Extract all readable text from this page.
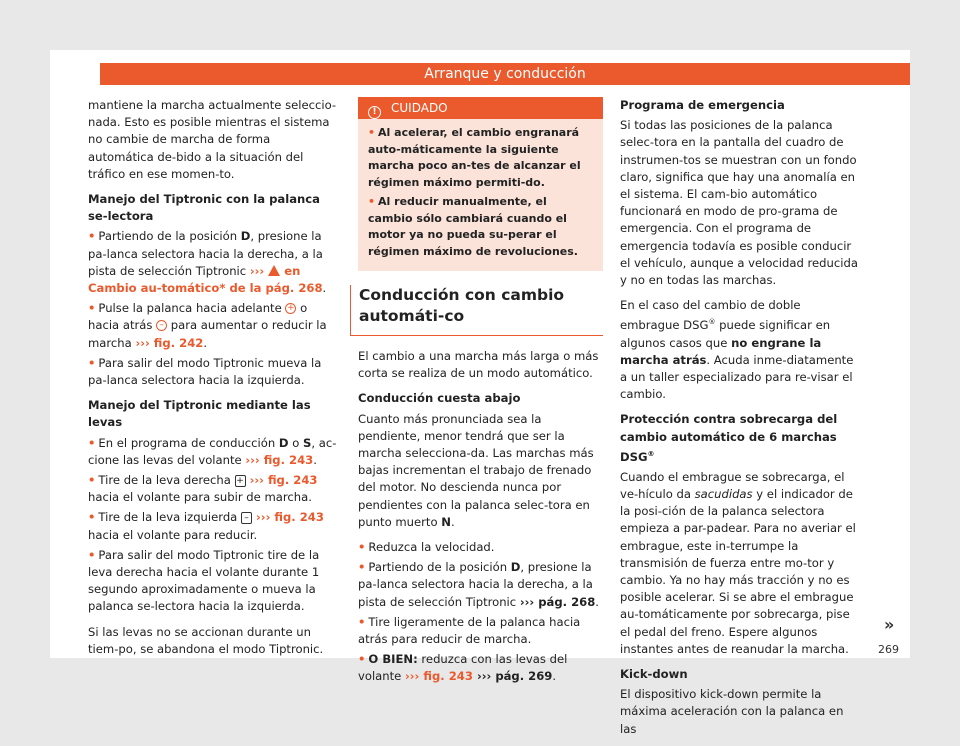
Arranque y conducción

mantiene la marcha actualmente seleccio-nada. Esto es posible mientras el sistema no cambie de marcha de forma automática de-bido a la situación del tráfico en ese momen-to.

Manejo del Tiptronic con la palanca se-lectora
• Partiendo de la posición D, presione la pa-lanca selectora hacia la derecha, a la pista de selección Tiptronic ›››  en Cambio au-tomático* de la pág. 268.
• Pulse la palanca hacia adelante + o hacia atrás – para aumentar o reducir la marcha ››› fig. 242.
• Para salir del modo Tiptronic mueva la pa-lanca selectora hacia la izquierda.
Manejo del Tiptronic mediante las levas
• En el programa de conducción D o S, ac-cione las levas del volante ››› fig. 243.
• Tire de la leva derecha + ››› fig. 243 hacia el volante para subir de marcha.
• Tire de la leva izquierda – ››› fig. 243 hacia el volante para reducir.
• Para salir del modo Tiptronic tire de la leva derecha hacia el volante durante 1 segundo aproximadamente o mueva la palanca se-lectora hacia la izquierda.

Si las levas no se accionan durante un tiem-po, se abandona el modo Tiptronic.

! CUIDADO
• Al acelerar, el cambio engranará auto-máticamente la siguiente marcha poco an-tes de alcanzar el régimen máximo permiti-do.
• Al reducir manualmente, el cambio sólo cambiará cuando el motor ya no pueda su-perar el régimen máximo de revoluciones.
Conducción con cambio automáti-co

El cambio a una marcha más larga o más corta se realiza de un modo automático.

Conducción cuesta abajo

Cuanto más pronunciada sea la pendiente, menor tendrá que ser la marcha selecciona-da. Las marchas más bajas incrementan el trabajo de frenado del motor. No descienda nunca por pendientes con la palanca selec-tora en punto muerto N.

• Reduzca la velocidad.
• Partiendo de la posición D, presione la pa-lanca selectora hacia la derecha, a la pista de selección Tiptronic ››› pág. 268.
• Tire ligeramente de la palanca hacia atrás para reducir de marcha.
• O BIEN: reduzca con las levas del volante ››› fig. 243 ››› pág. 269.
Programa de emergencia

Si todas las posiciones de la palanca selec-tora en la pantalla del cuadro de instrumen-tos se muestran con un fondo claro, significa que hay una anomalía en el sistema. El cam-bio automático funcionará en modo de pro-grama de emergencia. Con el programa de emergencia todavía es posible conducir el vehículo, aunque a velocidad reducida y no en todas las marchas.

En el caso del cambio de doble embrague DSG® puede significar en algunos casos que no engrane la marcha atrás. Acuda inme-diatamente a un taller especializado para re-visar el cambio.

Protección contra sobrecarga del cambio automático de 6 marchas DSG®

Cuando el embrague se sobrecarga, el ve-hículo da sacudidas y el indicador de la posi-ción de la palanca selectora empieza a par-padear. Para no averiar el embrague, este in-terrumpe la transmisión de fuerza entre mo-tor y cambio. Ya no hay más tracción y no es posible acelerar. Si se abre el embrague au-tomáticamente por sobrecarga, pise el pedal del freno. Espere algunos instantes antes de reanudar la marcha.

Kick-down

El dispositivo kick-down permite la máxima aceleración con la palanca en las

»
269
